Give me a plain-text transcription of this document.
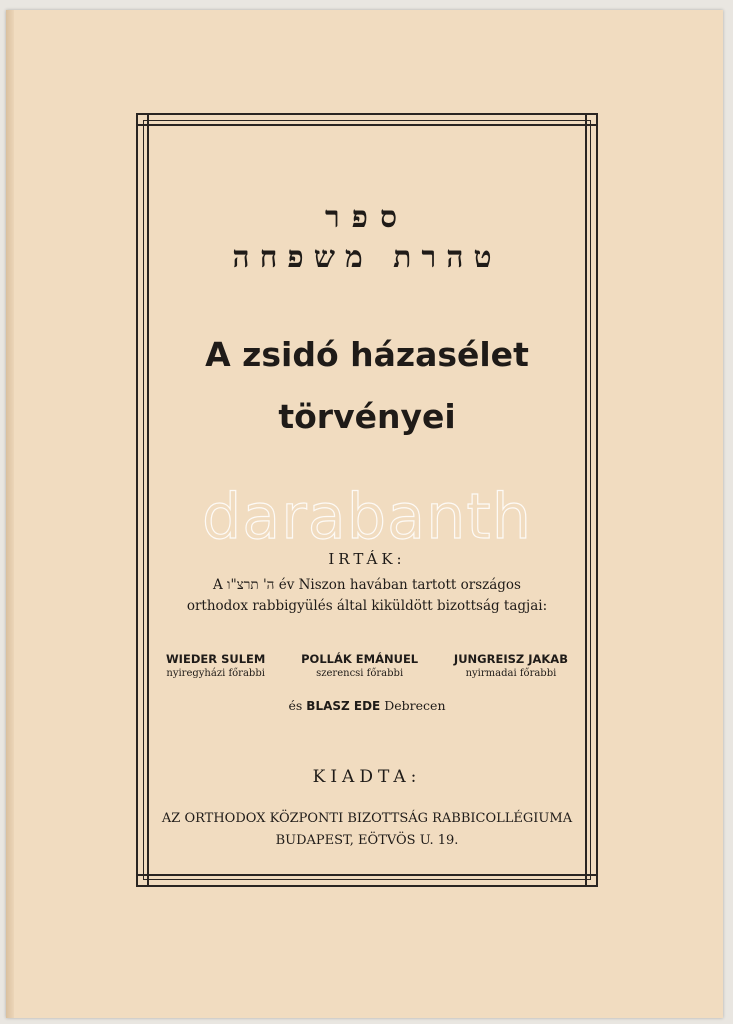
ספר
טהרת משפחה
A zsidó házasélet
törvényei
darabanth
IRTÁK:
A ה' תרצ"ו év Niszon havában tartott országos
orthodox rabbigyülés által kiküldött bizottság tagjai:
WIEDER SULEM
nyiregyházi főrabbi
POLLÁK EMÁNUEL
szerencsi főrabbi
JUNGREISZ JAKAB
nyirmadai főrabbi
és BLASZ EDE Debrecen
KIADTA:
AZ ORTHODOX KÖZPONTI BIZOTTSÁG RABBICOLLÉGIUMA
BUDAPEST, EÖTVÖS U. 19.
